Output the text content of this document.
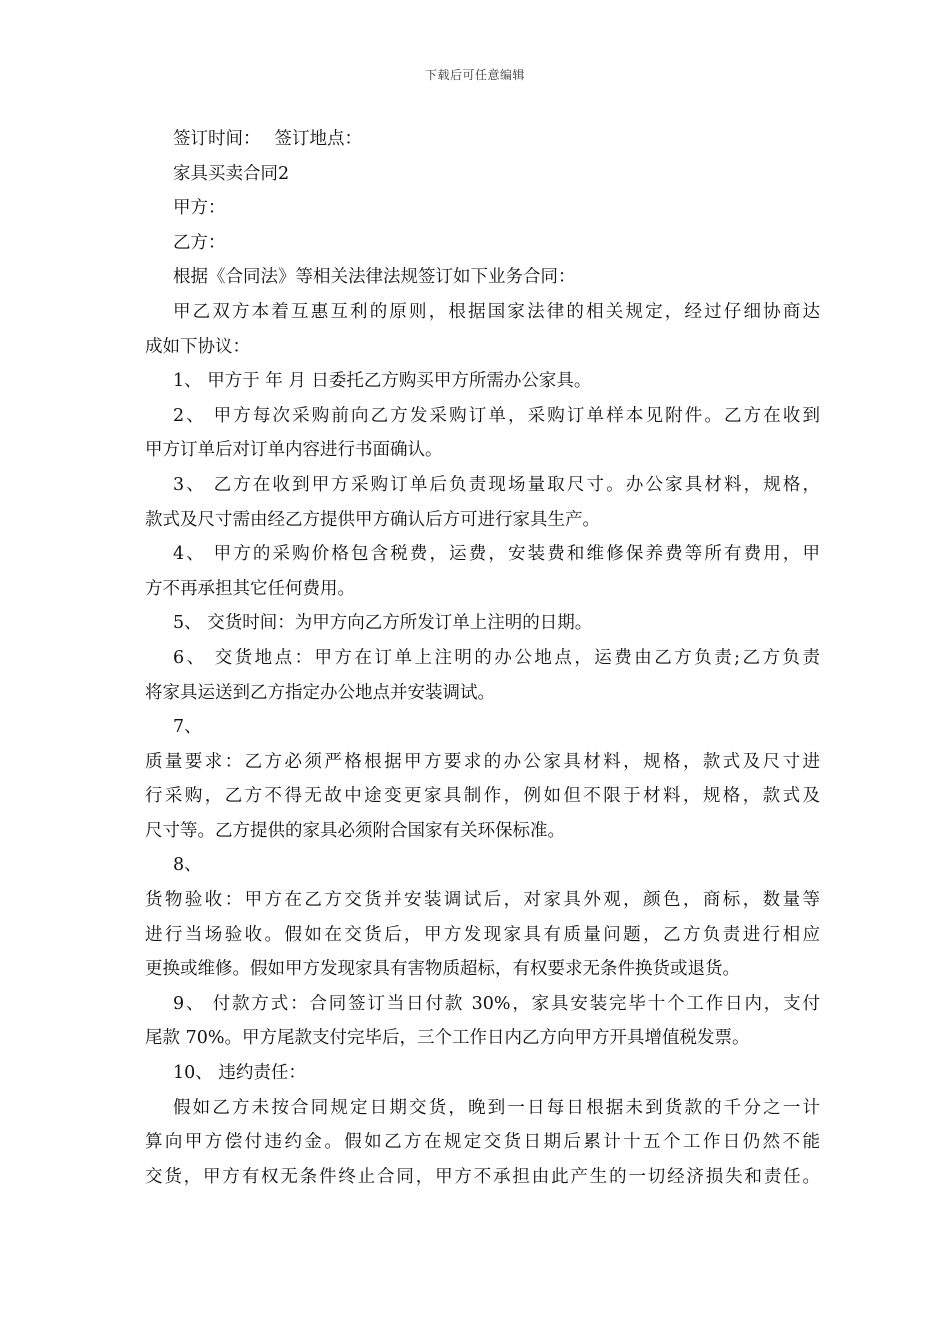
下载后可任意编辑
签订时间： 签订地点：
家具买卖合同2
甲方：
乙方：
根据《合同法》等相关法律法规签订如下业务合同：
甲乙双方本着互惠互利的原则，根据国家法律的相关规定，经过仔细协商达
成如下协议：
1、 甲方于 年 月 日委托乙方购买甲方所需办公家具。
2、 甲方每次采购前向乙方发采购订单，采购订单样本见附件。乙方在收到
甲方订单后对订单内容进行书面确认。
3、 乙方在收到甲方采购订单后负责现场量取尺寸。办公家具材料，规格，
款式及尺寸需由经乙方提供甲方确认后方可进行家具生产。
4、 甲方的采购价格包含税费，运费，安装费和维修保养费等所有费用，甲
方不再承担其它任何费用。
5、 交货时间：为甲方向乙方所发订单上注明的日期。
6、 交货地点：甲方在订单上注明的办公地点，运费由乙方负责;乙方负责
将家具运送到乙方指定办公地点并安装调试。
7、
质量要求：乙方必须严格根据甲方要求的办公家具材料，规格，款式及尺寸进
行采购，乙方不得无故中途变更家具制作，例如但不限于材料，规格，款式及
尺寸等。乙方提供的家具必须附合国家有关环保标准。
8、
货物验收：甲方在乙方交货并安装调试后，对家具外观，颜色，商标，数量等
进行当场验收。假如在交货后，甲方发现家具有质量问题，乙方负责进行相应
更换或维修。假如甲方发现家具有害物质超标，有权要求无条件换货或退货。
9、 付款方式：合同签订当日付款 30%，家具安装完毕十个工作日内，支付
尾款 70%。甲方尾款支付完毕后，三个工作日内乙方向甲方开具增值税发票。
10、 违约责任：
假如乙方未按合同规定日期交货，晚到一日每日根据未到货款的千分之一计
算向甲方偿付违约金。假如乙方在规定交货日期后累计十五个工作日仍然不能
交货，甲方有权无条件终止合同，甲方不承担由此产生的一切经济损失和责任。
